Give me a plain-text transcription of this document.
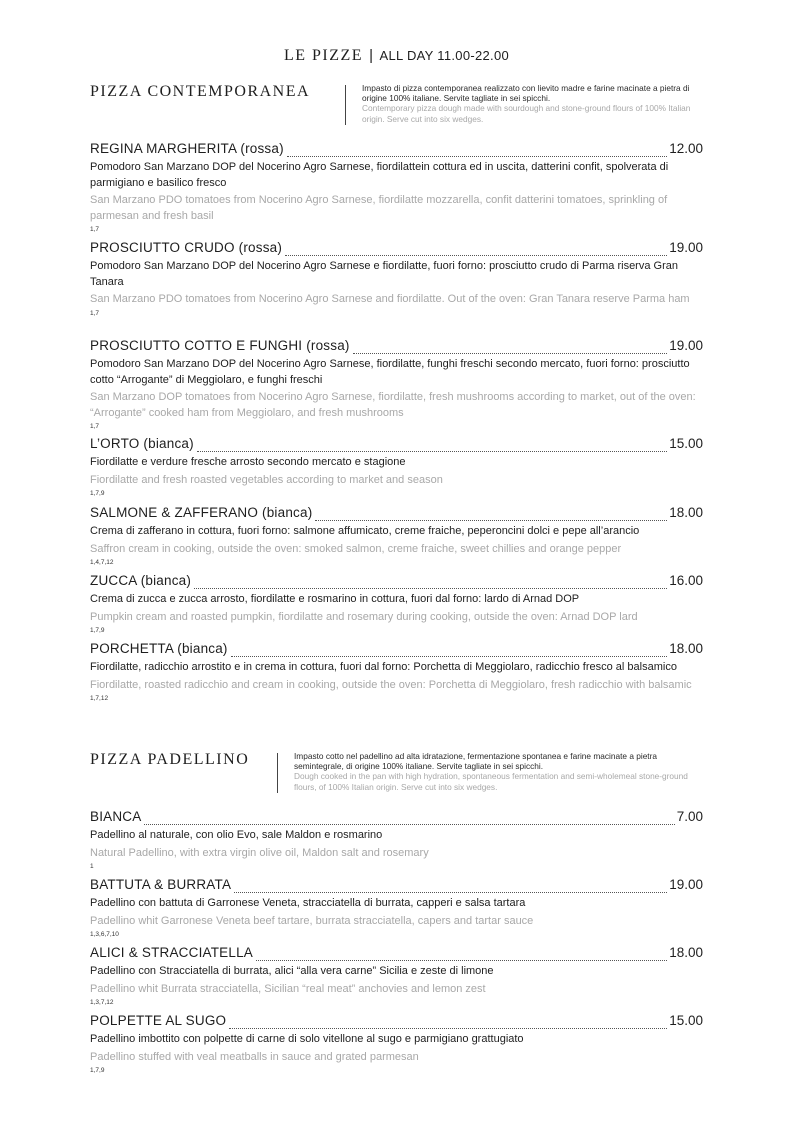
LE PIZZE | ALL DAY 11.00-22.00
PIZZA CONTEMPORANEA	Impasto di pizza contemporanea realizzato con lievito madre e farine macinate a pietra di origine 100% italiane. Servite tagliate in sei spicchi.
Contemporary pizza dough made with sourdough and stone-ground flours of 100% Italian origin. Serve cut into six wedges.
REGINA MARGHERITA (rossa)	12.00
Pomodoro San Marzano DOP del Nocerino Agro Sarnese, fiordilattein cottura ed in uscita, datterini confit, spolverata di parmigiano e basilico fresco
San Marzano PDO tomatoes from Nocerino Agro Sarnese, fiordilatte mozzarella, confit datterini tomatoes, sprinkling of parmesan and fresh basil
1,7
PROSCIUTTO CRUDO (rossa)	19.00
Pomodoro San Marzano DOP del Nocerino Agro Sarnese e fiordilatte, fuori forno: prosciutto crudo di Parma riserva Gran Tanara
San Marzano PDO tomatoes from Nocerino Agro Sarnese and fiordilatte. Out of the oven: Gran Tanara reserve Parma ham
1,7
PROSCIUTTO COTTO E FUNGHI (rossa)	19.00
Pomodoro San Marzano DOP del Nocerino Agro Sarnese, fiordilatte, funghi freschi secondo mercato, fuori forno: prosciutto cotto “Arrogante” di Meggiolaro, e funghi freschi
San Marzano DOP tomatoes from Nocerino Agro Sarnese, fiordilatte, fresh mushrooms according to market, out of the oven: “Arrogante” cooked ham from Meggiolaro, and fresh mushrooms
1,7
L’ORTO (bianca)	15.00
Fiordilatte e verdure fresche arrosto secondo mercato e stagione
Fiordilatte and fresh roasted vegetables according to market and season
1,7,9
SALMONE & ZAFFERANO (bianca)	18.00
Crema di zafferano in cottura, fuori forno: salmone affumicato, creme fraiche, peperoncini dolci e pepe all’arancio
Saffron cream in cooking, outside the oven: smoked salmon, creme fraiche, sweet chillies and orange pepper
1,4,7,12
ZUCCA (bianca)	16.00
Crema di zucca e zucca arrosto, fiordilatte e rosmarino in cottura, fuori dal forno: lardo di Arnad DOP
Pumpkin cream and roasted pumpkin, fiordilatte and rosemary during cooking, outside the oven: Arnad DOP lard
1,7,9
PORCHETTA (bianca)	18.00
Fiordilatte, radicchio arrostito e in crema in cottura, fuori dal forno: Porchetta di Meggiolaro, radicchio fresco al balsamico
Fiordilatte, roasted radicchio and cream in cooking, outside the oven: Porchetta di Meggiolaro, fresh radicchio with balsamic
1,7,12
PIZZA PADELLINO	Impasto cotto nel padellino ad alta idratazione, fermentazione spontanea e farine macinate a pietra semintegrale, di origine 100% italiane. Servite tagliate in sei spicchi.
Dough cooked in the pan with high hydration, spontaneous fermentation and semi-wholemeal stone-ground flours, of 100% Italian origin. Serve cut into six wedges.
BIANCA	7.00
Padellino al naturale, con olio Evo, sale Maldon e rosmarino
Natural Padellino, with extra virgin olive oil, Maldon salt and rosemary
1
BATTUTA & BURRATA	19.00
Padellino con battuta di Garronese Veneta, stracciatella di burrata, capperi e salsa tartara
Padellino whit Garronese Veneta beef tartare, burrata stracciatella, capers and tartar sauce
1,3,6,7,10
ALICI & STRACCIATELLA	18.00
Padellino con Stracciatella di burrata, alici “alla vera carne” Sicilia e zeste di limone
Padellino whit Burrata stracciatella, Sicilian “real meat” anchovies and lemon zest
1,3,7,12
POLPETTE AL SUGO	15.00
Padellino imbottito con polpette di carne di solo vitellone al sugo e parmigiano grattugiato
Padellino stuffed with veal meatballs in sauce and grated parmesan
1,7,9
